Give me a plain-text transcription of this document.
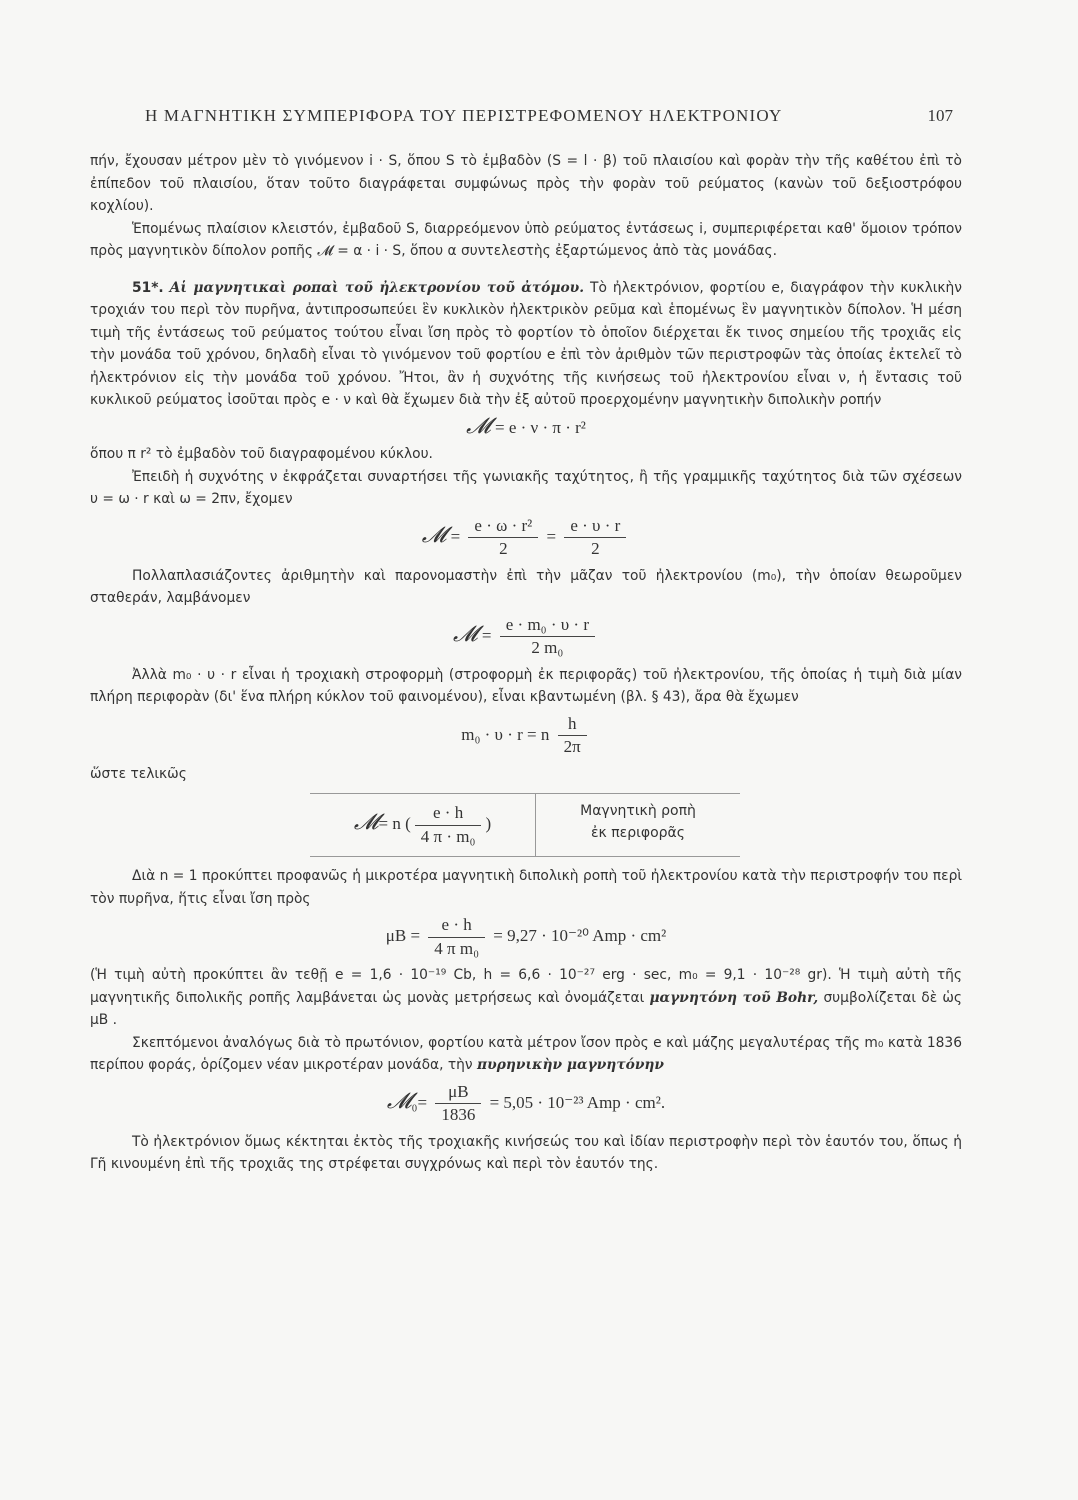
Η ΜΑΓΝΗΤΙΚΗ ΣΥΜΠΕΡΙΦΟΡΑ ΤΟΥ ΠΕΡΙΣΤΡΕΦΟΜΕΝΟΥ ΗΛΕΚΤΡΟΝΙΟΥ	107

πήν, ἔχουσαν μέτρον μὲν τὸ γινόμενον i · S, ὅπου S τὸ ἐμβαδὸν (S = l · β) τοῦ πλαισίου καὶ φορὰν τὴν τῆς καθέτου ἐπὶ τὸ ἐπίπεδον τοῦ πλαισίου, ὅταν τοῦτο διαγράφεται συμφώνως πρὸς τὴν φορὰν τοῦ ρεύματος (κανὼν τοῦ δεξιοστρόφου κοχλίου).

Ἑπομένως πλαίσιον κλειστόν, ἐμβαδοῦ S, διαρρεόμενον ὑπὸ ρεύματος ἐντάσεως i, συμπεριφέρεται καθ' ὅμοιον τρόπον πρὸς μαγνητικὸν δίπολον ροπῆς 𝓜 = α · i · S, ὅπου α συντελεστὴς ἐξαρτώμενος ἀπὸ τὰς μονάδας.

51*. Αἱ μαγνητικαὶ ροπαὶ τοῦ ἠλεκτρονίου τοῦ ἀτόμου. Τὸ ἠλεκτρόνιον, φορτίου e, διαγράφον τὴν κυκλικὴν τροχιάν του περὶ τὸν πυρῆνα, ἀντιπροσωπεύει ἓν κυκλικὸν ἠλεκτρικὸν ρεῦμα καὶ ἑπομένως ἓν μαγνητικὸν δίπολον. Ἡ μέση τιμὴ τῆς ἐντάσεως τοῦ ρεύματος τούτου εἶναι ἴση πρὸς τὸ φορτίον τὸ ὁποῖον διέρχεται ἔκ τινος σημείου τῆς τροχιᾶς εἰς τὴν μονάδα τοῦ χρόνου, δηλαδὴ εἶναι τὸ γινόμενον τοῦ φορτίου e ἐπὶ τὸν ἀριθμὸν τῶν περιστροφῶν τὰς ὁποίας ἐκτελεῖ τὸ ἠλεκτρόνιον εἰς τὴν μονάδα τοῦ χρόνου. Ἤτοι, ἂν ἡ συχνότης τῆς κινήσεως τοῦ ἠλεκτρονίου εἶναι ν, ἡ ἔντασις τοῦ κυκλικοῦ ρεύματος ἰσοῦται πρὸς e · ν καὶ θὰ ἔχωμεν διὰ τὴν ἐξ αὐτοῦ προερχομένην μαγνητικὴν διπολικὴν ροπήν

𝓜 = e · ν · π · r²

ὅπου π r² τὸ ἐμβαδὸν τοῦ διαγραφομένου κύκλου.

Ἐπειδὴ ἡ συχνότης ν ἐκφράζεται συναρτήσει τῆς γωνιακῆς ταχύτητος, ἢ τῆς γραμμικῆς ταχύτητος διὰ τῶν σχέσεων υ = ω · r καὶ ω = 2πν, ἔχομεν

𝓜 = $\frac{\text{e · ω · r²}}{2} = \frac{e \cdot \upsilon \cdot r}{2}$

Πολλαπλασιάζοντες ἀριθμητὴν καὶ παρονομαστὴν ἐπὶ τὴν μᾶζαν τοῦ ἠλεκτρονίου (m₀), τὴν ὁποίαν θεωροῦμεν σταθεράν, λαμβάνομεν

𝓜 = $\frac{\text{e · m₀ · υ · r}}{\text{2 m₀}}$

Ἀλλὰ m₀ · υ · r εἶναι ἡ τροχιακὴ στροφορμὴ (στροφορμὴ ἐκ περιφορᾶς) τοῦ ἠλεκτρονίου, τῆς ὁποίας ἡ τιμὴ διὰ μίαν πλήρη περιφορὰν (δι' ἕνα πλήρη κύκλον τοῦ φαινομένου), εἶναι κβαντωμένη (βλ. § 43), ἄρα θὰ ἔχωμεν

m₀ · υ · r = n $\frac{h}{2\pi}$

ὥστε τελικῶς

𝓜= n ( $\frac{e \cdot h}{\text{4 π · m₀}}$ )
Μαγνητικὴ ροπὴ
ἐκ περιφορᾶς

Διὰ n = 1 προκύπτει προφανῶς ἡ μικροτέρα μαγνητικὴ διπολικὴ ροπὴ τοῦ ἠλεκτρονίου κατὰ τὴν περιστροφήν του περὶ τὸν πυρῆνα, ἥτις εἶναι ἴση πρὸς

$\mu B = \frac{e \cdot h}{\text{4 π m₀}} = 9,27 \cdot 10^{-20}$ Amp · cm²

(Ἡ τιμὴ αὐτὴ προκύπτει ἂν τεθῇ e = 1,6 · 10⁻¹⁹ Cb, h = 6,6 · 10⁻²⁷ erg · sec, m₀ = 9,1 · 10⁻²⁸ gr). Ἡ τιμὴ αὐτὴ τῆς μαγνητικῆς διπολικῆς ροπῆς λαμβάνεται ὡς μονὰς μετρήσεως καὶ ὀνομάζεται μαγνητόνη τοῦ Bohr, συμβολίζεται δὲ ὡς μB .

Σκεπτόμενοι ἀναλόγως διὰ τὸ πρωτόνιον, φορτίου κατὰ μέτρον ἴσον πρὸς e καὶ μάζης μεγαλυτέρας τῆς m₀ κατὰ 1836 περίπου φοράς, ὁρίζομεν νέαν μικροτέραν μονάδα, τὴν πυρηνικὴν μαγνητόνην

𝓜₀= $\frac{\mu B}{1836} = 5,05 \cdot 10^{-23}$ Amp · cm².

Τὸ ἠλεκτρόνιον ὅμως κέκτηται ἐκτὸς τῆς τροχιακῆς κινήσεώς του καὶ ἰδίαν περιστροφὴν περὶ τὸν ἑαυτόν του, ὅπως ἡ Γῆ κινουμένη ἐπὶ τῆς τροχιᾶς της στρέφεται συγχρόνως καὶ περὶ τὸν ἑαυτόν της.
